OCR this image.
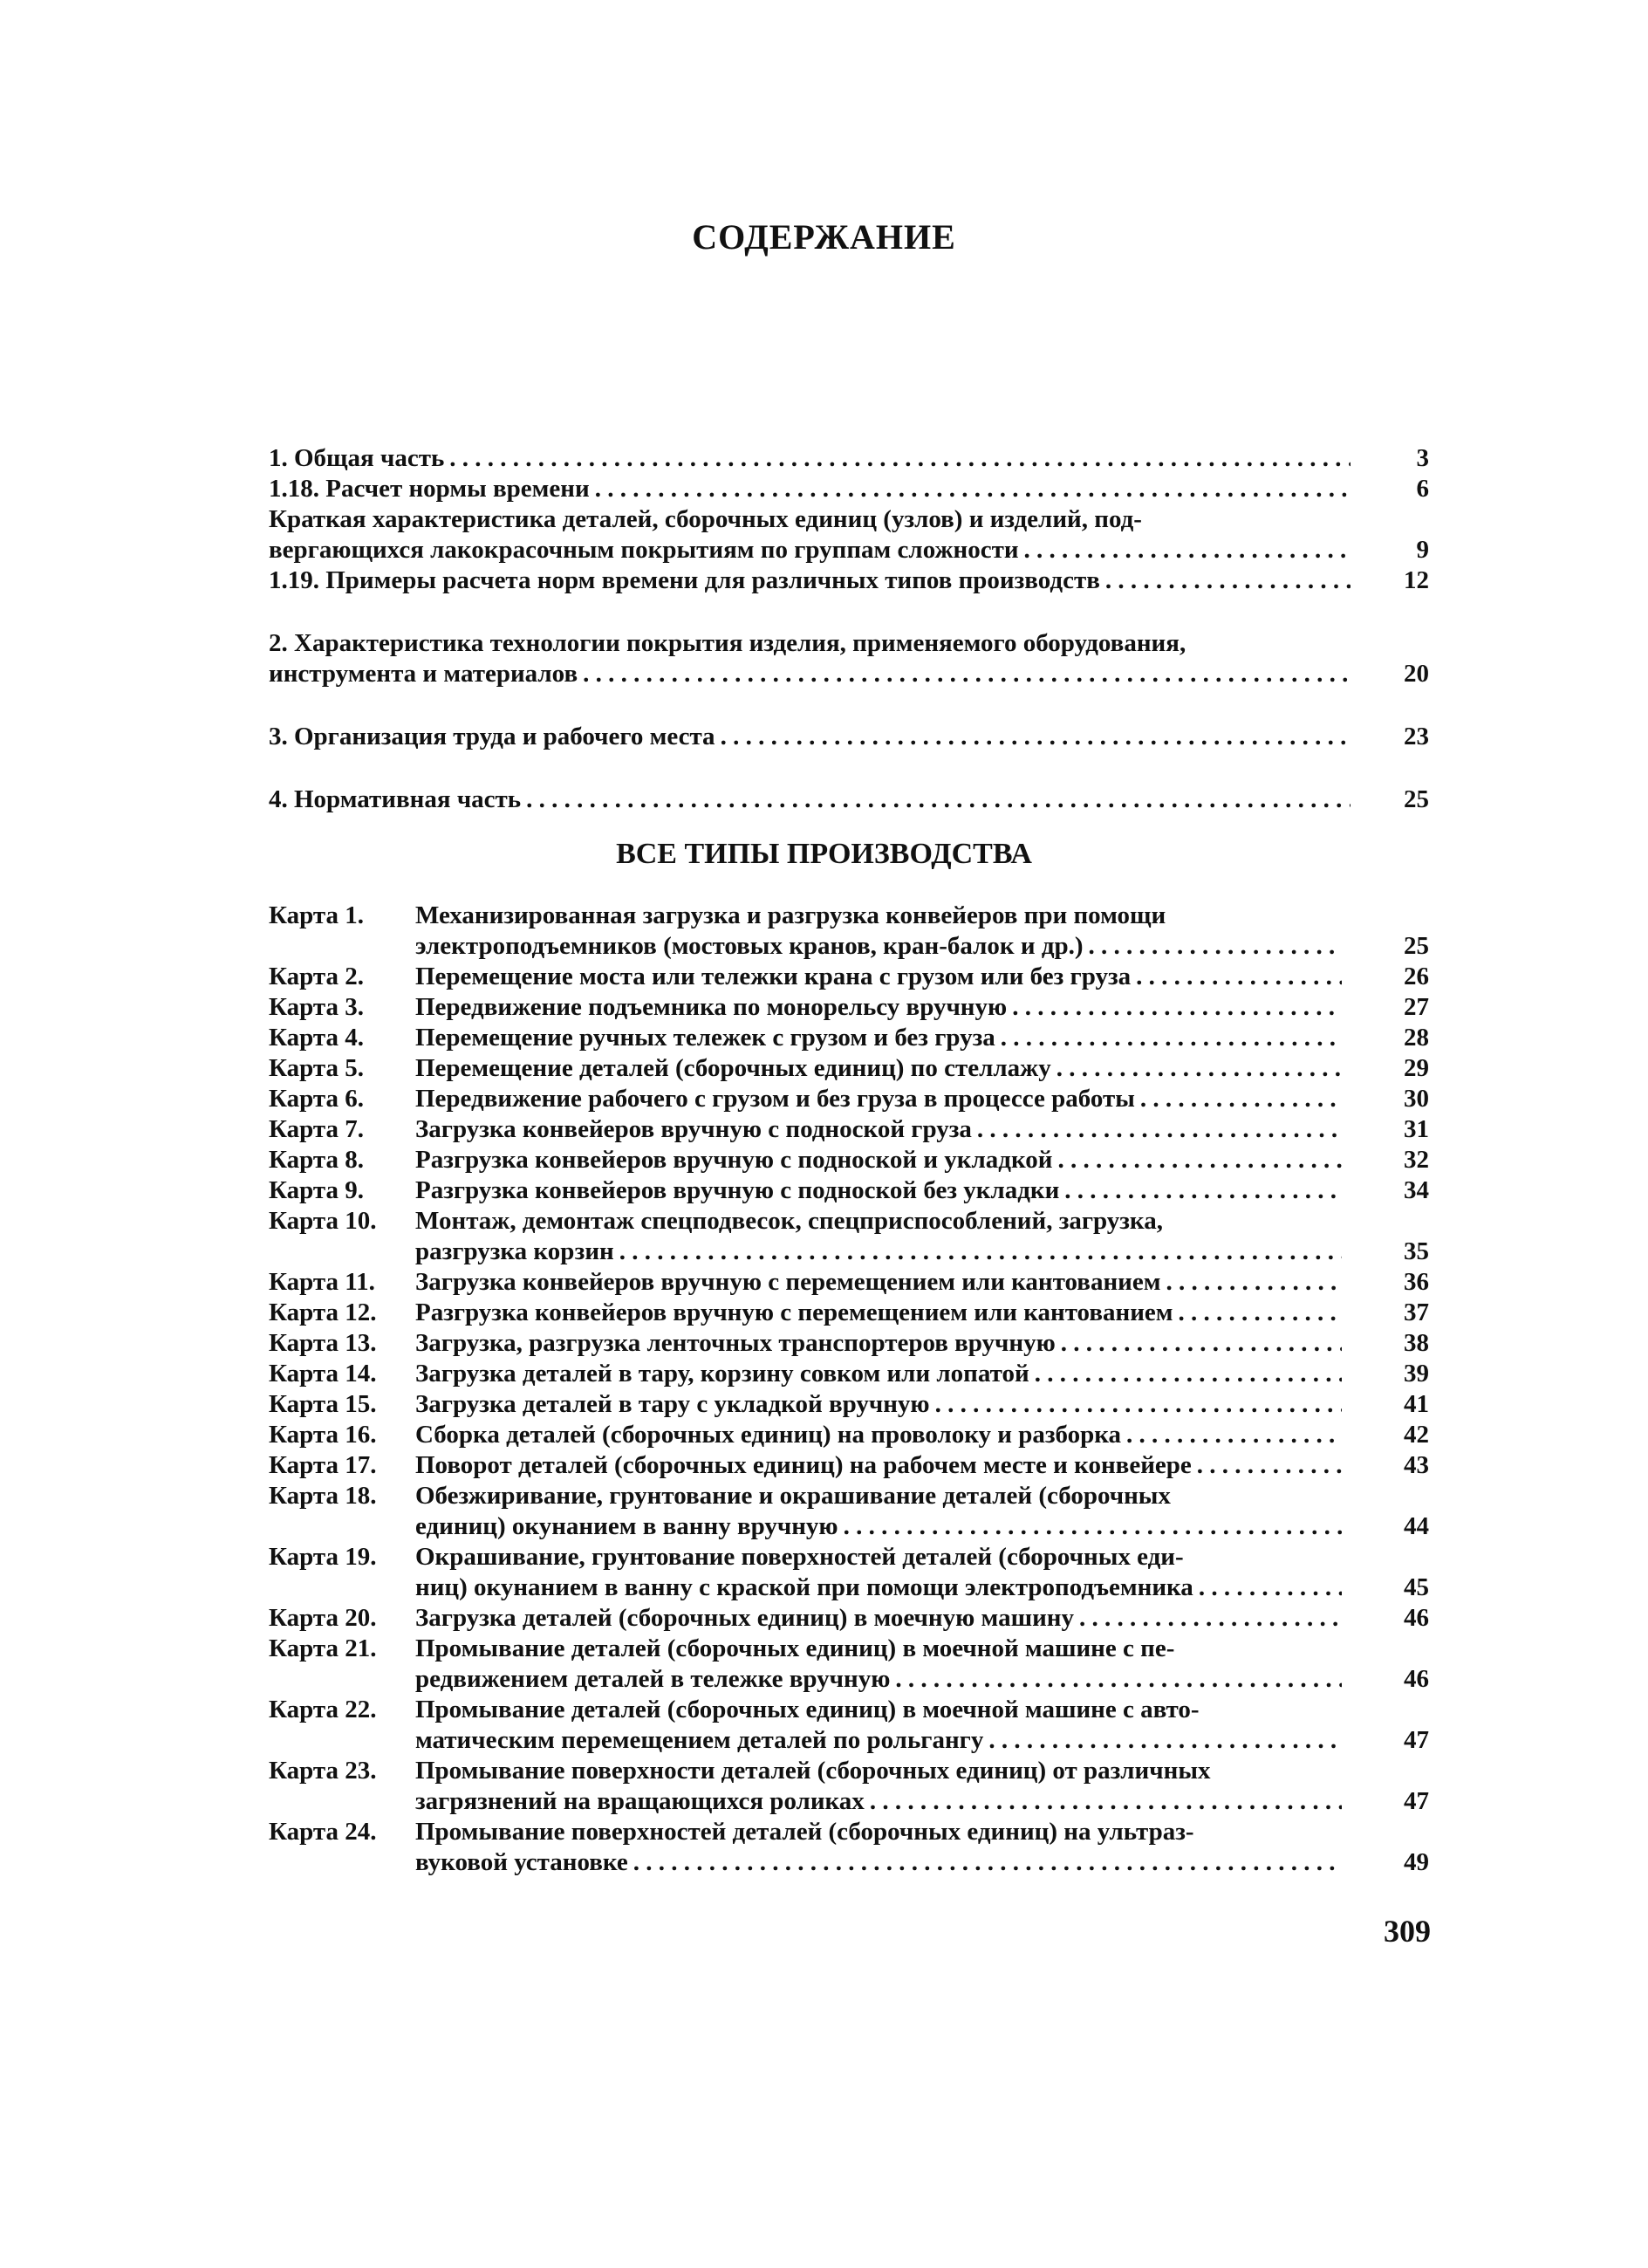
СОДЕРЖАНИЕ
1. Общая часть . . .	3
1.18. Расчет нормы времени . . .	6
Краткая характеристика деталей, сборочных единиц (узлов) и изделий, под-
вергающихся лакокрасочным покрытиям по группам сложности . . .	9
1.19. Примеры расчета норм времени для различных типов производств . . .	12
2. Характеристика технологии покрытия изделия, применяемого оборудования,
инструмента и материалов . . .	20
3. Организация труда и рабочего места . . .	23
4. Нормативная часть . . .	25
ВСЕ ТИПЫ ПРОИЗВОДСТВА
Карта 1.	Механизированная загрузка и разгрузка конвейеров при помощи
электроподъемников (мостовых кранов, кран-балок и др.) . . .	25
Карта 2.	Перемещение моста или тележки крана с грузом или без груза . . .	26
Карта 3.	Передвижение подъемника по монорельсу вручную . . .	27
Карта 4.	Перемещение ручных тележек с грузом и без груза . . .	28
Карта 5.	Перемещение деталей (сборочных единиц) по стеллажу . . .	29
Карта 6.	Передвижение рабочего с грузом и без груза в процессе работы . . .	30
Карта 7.	Загрузка конвейеров вручную с подноской груза . . .	31
Карта 8.	Разгрузка конвейеров вручную с подноской и укладкой . . .	32
Карта 9.	Разгрузка конвейеров вручную с подноской без укладки . . .	34
Карта 10.	Монтаж, демонтаж спецподвесок, спецприспособлений, загрузка,
разгрузка корзин . . .	35
Карта 11.	Загрузка конвейеров вручную с перемещением или кантованием . . .	36
Карта 12.	Разгрузка конвейеров вручную с перемещением или кантованием . . .	37
Карта 13.	Загрузка, разгрузка ленточных транспортеров вручную . . .	38
Карта 14.	Загрузка деталей в тару, корзину совком или лопатой . . .	39
Карта 15.	Загрузка деталей в тару с укладкой вручную . . .	41
Карта 16.	Сборка деталей (сборочных единиц) на проволоку и разборка . . .	42
Карта 17.	Поворот деталей (сборочных единиц) на рабочем месте и конвейере . . .	43
Карта 18.	Обезжиривание, грунтование и окрашивание деталей (сборочных
единиц) окунанием в ванну вручную . . .	44
Карта 19.	Окрашивание, грунтование поверхностей деталей (сборочных еди-
ниц) окунанием в ванну с краской при помощи электроподъемника . . .	45
Карта 20.	Загрузка деталей (сборочных единиц) в моечную машину . . .	46
Карта 21.	Промывание деталей (сборочных единиц) в моечной машине с пе-
редвижением деталей в тележке вручную . . .	46
Карта 22.	Промывание деталей (сборочных единиц) в моечной машине с авто-
матическим перемещением деталей по рольгангу . . .	47
Карта 23.	Промывание поверхности деталей (сборочных единиц) от различных
загрязнений на вращающихся роликах . . .	47
Карта 24.	Промывание поверхностей деталей (сборочных единиц) на ультраз-
вуковой установке . . .	49
309
